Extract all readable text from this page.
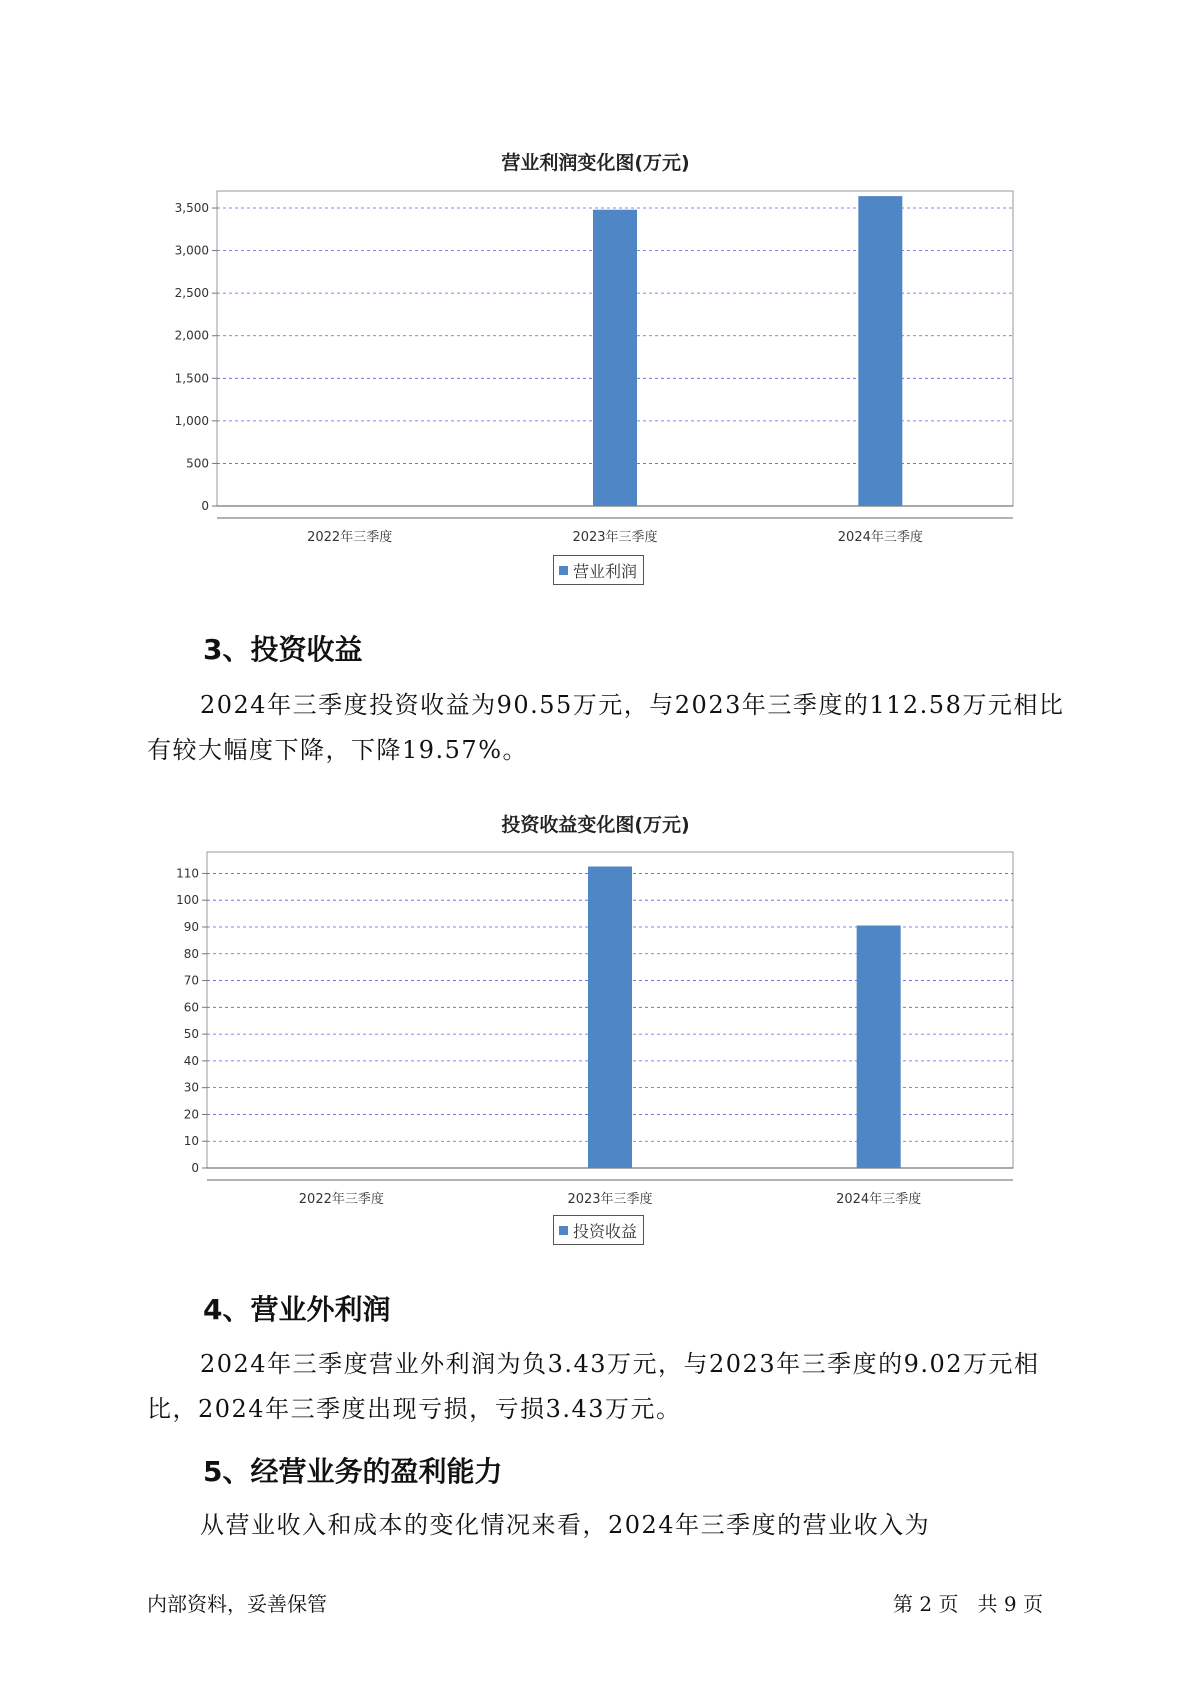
营业利润变化图(万元)
0
500
1,000
1,500
2,000
2,500
3,000
3,500
2022年三季度	2023年三季度	2024年三季度
营业利润
3、投资收益

2024年三季度投资收益为90.55万元，与2023年三季度的112.58万元相比有较大幅度下降，下降19.57%。

投资收益变化图(万元)
0
10
20
30
40
50
60
70
80
90
100
110
2022年三季度	2023年三季度	2024年三季度
投资收益
4、营业外利润

2024年三季度营业外利润为负3.43万元，与2023年三季度的9.02万元相比，2024年三季度出现亏损，亏损3.43万元。

5、经营业务的盈利能力

从营业收入和成本的变化情况来看，2024年三季度的营业收入为

内部资料，妥善保管	第 2 页   共 9 页
